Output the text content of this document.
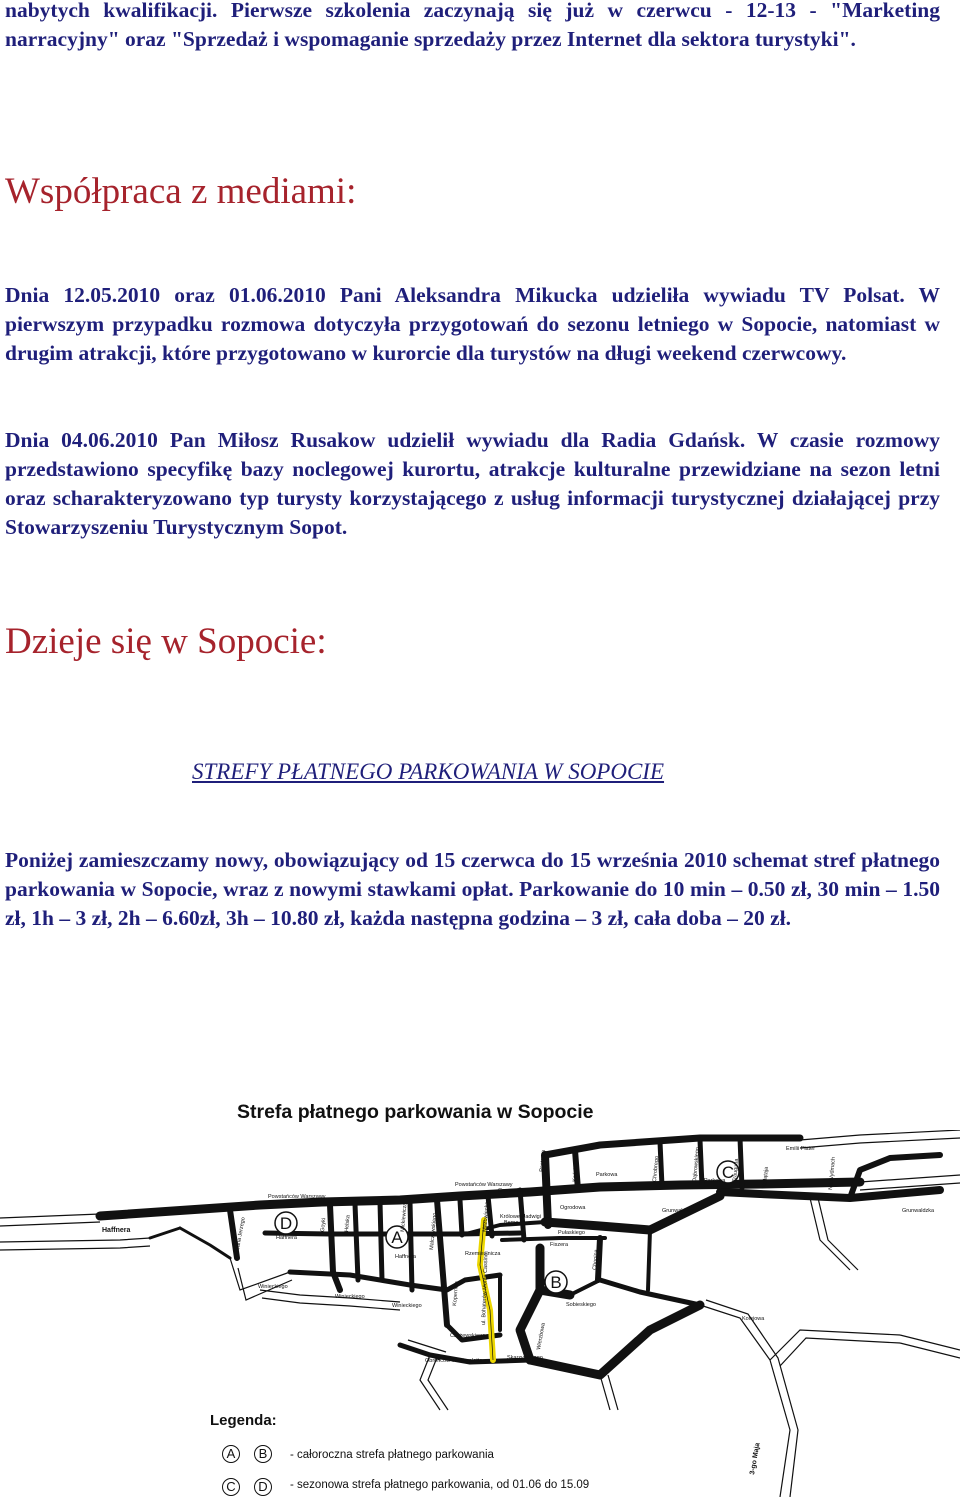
nabytych kwalifikacji. Pierwsze szkolenia zaczynają się już w czerwcu - 12-13 - "Marketing narracyjny" oraz "Sprzedaż i wspomaganie sprzedaży przez Internet dla sektora turystyki".

Współpraca z mediami:

Dnia 12.05.2010 oraz 01.06.2010 Pani Aleksandra Mikucka udzieliła wywiadu TV Polsat. W pierwszym przypadku rozmowa dotyczyła przygotowań do sezonu letniego w Sopocie, natomiast w drugim atrakcji, które przygotowano w kurorcie dla turystów na długi weekend czerwcowy.

Dnia 04.06.2010 Pan Miłosz Rusakow udzielił wywiadu dla Radia Gdańsk. W czasie rozmowy przedstawiono specyfikę bazy noclegowej kurortu, atrakcje kulturalne przewidziane na sezon letni oraz scharakteryzowano typ turysty korzystającego z usług informacji turystycznej działającej przy Stowarzyszeniu Turystycznym Sopot.

Dzieje się w Sopocie:

STREFY PŁATNEGO PARKOWANIA W SOPOCIE

Poniżej zamieszczamy nowy, obowiązujący od 15 czerwca do 15 września 2010 schemat stref płatnego parkowania w Sopocie, wraz z nowymi stawkami opłat. Parkowanie do 10 min – 0.50 zł, 30 min – 1.50 zł, 1h – 3 zł, 2h – 6.60zł, 3h – 10.80 zł, każda następna godzina – 3 zł, cała doba – 20 zł.

Strefa płatnego parkowania w Sopocie

D
A
B
C
Haffnera
Haffnera
Haffnera
Powstańców Warszawy
Powstańców Warszawy
Grunwaldzka
Grunwaldzka
Emilii Plater
Parkowa
Parkowa
Grunwaldzka
Królowej Jadwigi
Ogrodowa
Pułaskiego
Fiszera
Bema
Sobieskiego
Rzemieślnicza
Winieckiego
Winieckiego
Winieckiego
Czyżewskiego
Obrońców Westerplatte	Skarzyńskiego
Kolejowa
Jana Jerzego	Goyki	Helska	Mickiewicza	Malczewskiego
Kopernika
Mazowiecka
ul. Bohaterów Monte Cassino
Pasteura	Kościuszki
Chopina
Chrobrego	Dąbrowskiego	Traugutta	Kołłątaja	Na Wydmach
Wierzbowa
3-go Maja

Legenda:

A	B	- całoroczna strefa płatnego parkowania

C	D	- sezonowa strefa płatnego parkowania, od 01.06 do 15.09
